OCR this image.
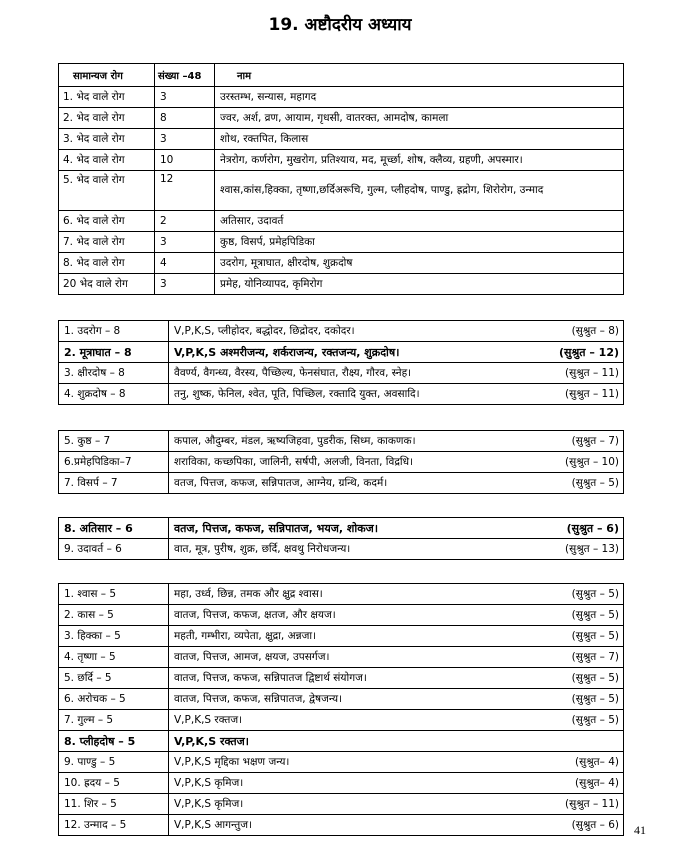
19. अष्टौदरीय अध्याय
सामान्यज रोग	संख्या –48	नाम
1. भेद वाले रोग	3	उरस्तम्भ, सन्यास, महागद
2. भेद वाले रोग	8	ज्वर, अर्श, व्रण, आयाम, गृधसी, वातरक्त, आमदोष, कामला
3. भेद वाले रोग	3	शोथ, रक्तपित, किलास
4. भेद वाले रोग	10	नेत्ररोग, कर्णरोग, मुखरोग, प्रतिश्याय, मद, मूर्च्छा, शोष, क्लैव्य, ग्रहणी, अपस्मार।
5. भेद वाले रोग	12	श्वास,कांस,हिक्का, तृष्णा,छर्दिअरूचि, गुल्म, प्लीहदोष, पाण्डु, ह्रद्रोग, शिरोरोग, उन्माद
6. भेद वाले रोग	2	अतिसार, उदावर्त
7. भेद वाले रोग	3	कुष्ठ, विसर्प, प्रमेहपिडिका
8. भेद वाले रोग	4	उदरोग, मूत्राघात, क्षीरदोष, शुक्रदोष
20 भेद वाले रोग	3	प्रमेह, योनिव्यापद, कृमिरोग
1. उदरोग – 8	V,P,K,S, प्लीहोदर, बद्धोदर, छिद्रोदर, दकोदर। (सुश्रुत – 8)

2. मूत्राघात – 8	V,P,K,S अश्मरीजन्य, शर्कराजन्य, रक्तजन्य, शुक्रदोष। (सुश्रुत – 12)

3. क्षीरदोष – 8	वैवर्ण्य, वैगन्ध्य, वैरस्य, पैच्छिल्य, फेनसंघात, रौक्ष्य, गौरव, स्नेह। (सुश्रुत – 11)

4. शुक्रदोष – 8	तनु, शुष्क, फेनिल, श्वेत, पूति, पिच्छिल, रक्तादि युक्त, अवसादि। (सुश्रुत – 11)
5. कुष्ठ – 7	कपाल, औदुम्बर, मंडल, ऋष्यजिहवा, पुडरीक, सिध्म, काकणक। (सुश्रुत – 7)

6.प्रमेहपिडिका–7	शराविका, कच्छपिका, जालिनी, सर्षपी, अलजी, विनता, विद्रधि। (सुश्रुत – 10)

7. विसर्प – 7	वतज, पित्तज, कफज, सन्निपातज, आग्नेय, ग्रन्थि, कदर्म। (सुश्रुत – 5)
8. अतिसार – 6	वतज, पित्तज, कफज, सन्निपातज, भयज, शोकज। (सुश्रुत – 6)

9. उदावर्त – 6	वात, मूत्र, पुरीष, शुक्र, छर्दि, क्षवथु निरोधजन्य। (सुश्रुत – 13)
1. श्वास – 5	महा, उर्ध्व, छिन्न, तमक और क्षुद्र श्वास। (सुश्रुत – 5)

2. कास – 5	वातज, पित्तज, कफज, क्षतज, और क्षयज। (सुश्रुत – 5)

3. हिक्का – 5	महती, गम्भीरा, व्यपेता, क्षुद्रा, अन्नजा। (सुश्रुत – 5)

4. तृष्णा – 5	वातज, पित्तज, आमज, क्षयज, उपसर्गज। (सुश्रुत – 7)

5. छर्दि – 5	वातज, पित्तज, कफज, सन्निपातज द्विष्टार्थ संयोगज। (सुश्रुत – 5)

6. अरोचक – 5	वातज, पित्तज, कफज, सन्निपातज, द्वेषजन्य। (सुश्रुत – 5)

7. गुल्म – 5	V,P,K,S रक्तज। (सुश्रुत – 5)

8. प्लीहदोष – 5	V,P,K,S रक्तज।

9. पाण्डु – 5	V,P,K,S मृद्दिका भक्षण जन्य। (सुश्रुत– 4)

10. ह्रदय – 5	V,P,K,S कृमिज। (सुश्रुत– 4)

11. शिर – 5	V,P,K,S कृमिज। (सुश्रुत – 11)

12. उन्माद – 5	V,P,K,S आगन्तुज। (सुश्रुत – 6)	41
